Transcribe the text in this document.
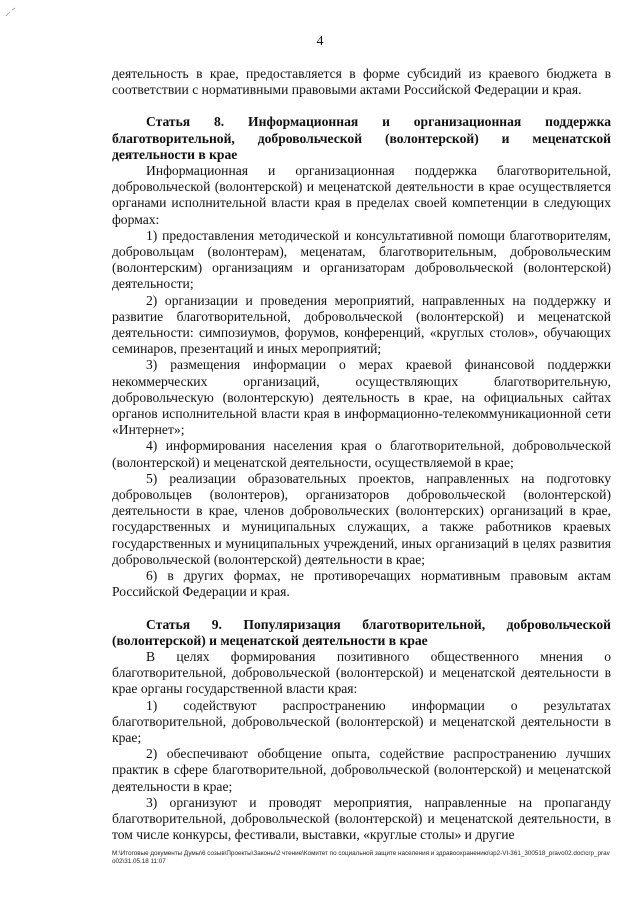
4

деятельность в крае, предоставляется в форме субсидий из краевого бюджета в соответствии с нормативными правовыми актами Российской Федерации и края.

Статья 8. Информационная и организационная поддержка благотворительной, добровольческой (волонтерской) и меценатской деятельности в крае

Информационная и организационная поддержка благотворительной, добровольческой (волонтерской) и меценатской деятельности в крае осуществляется органами исполнительной власти края в пределах своей компетенции в следующих формах:

1) предоставления методической и консультативной помощи благотворителям, добровольцам (волонтерам), меценатам, благотворительным, добровольческим (волонтерским) организациям и организаторам добровольческой (волонтерской) деятельности;

2) организации и проведения мероприятий, направленных на поддержку и развитие благотворительной, добровольческой (волонтерской) и меценатской деятельности: симпозиумов, форумов, конференций, «круглых столов», обучающих семинаров, презентаций и иных мероприятий;

3) размещения информации о мерах краевой финансовой поддержки некоммерческих организаций, осуществляющих благотворительную, добровольческую (волонтерскую) деятельность в крае, на официальных сайтах органов исполнительной власти края в информационно-телекоммуникационной сети «Интернет»;

4) информирования населения края о благотворительной, добровольческой (волонтерской) и меценатской деятельности, осуществляемой в крае;

5) реализации образовательных проектов, направленных на подготовку добровольцев (волонтеров), организаторов добровольческой (волонтерской) деятельности в крае, членов добровольческих (волонтерских) организаций в крае, государственных и муниципальных служащих, а также работников краевых государственных и муниципальных учреждений, иных организаций в целях развития добровольческой (волонтерской) деятельности в крае;

6) в других формах, не противоречащих нормативным правовым актам Российской Федерации и края.

Статья 9. Популяризация благотворительной, добровольческой (волонтерской) и меценатской деятельности в крае

В целях формирования позитивного общественного мнения о благотворительной, добровольческой (волонтерской) и меценатской деятельности в крае органы государственной власти края:

1) содействуют распространению информации о результатах благотворительной, добровольческой (волонтерской) и меценатской деятельности в крае;

2) обеспечивают обобщение опыта, содействие распространению лучших практик в сфере благотворительной, добровольческой (волонтерской) и меценатской деятельности в крае;

3) организуют и проводят мероприятия, направленные на пропаганду благотворительной, добровольческой (волонтерской) и меценатской деятельности, в том числе конкурсы, фестивали, выставки, «круглые столы» и другие

M:\Итоговые документы Думы\6 созыв\Проекты\Законы\2 чтение\Комитет по социальной защите населения и здравоохранению\зр2-VI-361_300518_pravo02.doc\crp_pravo02\31.05.18 11:07
